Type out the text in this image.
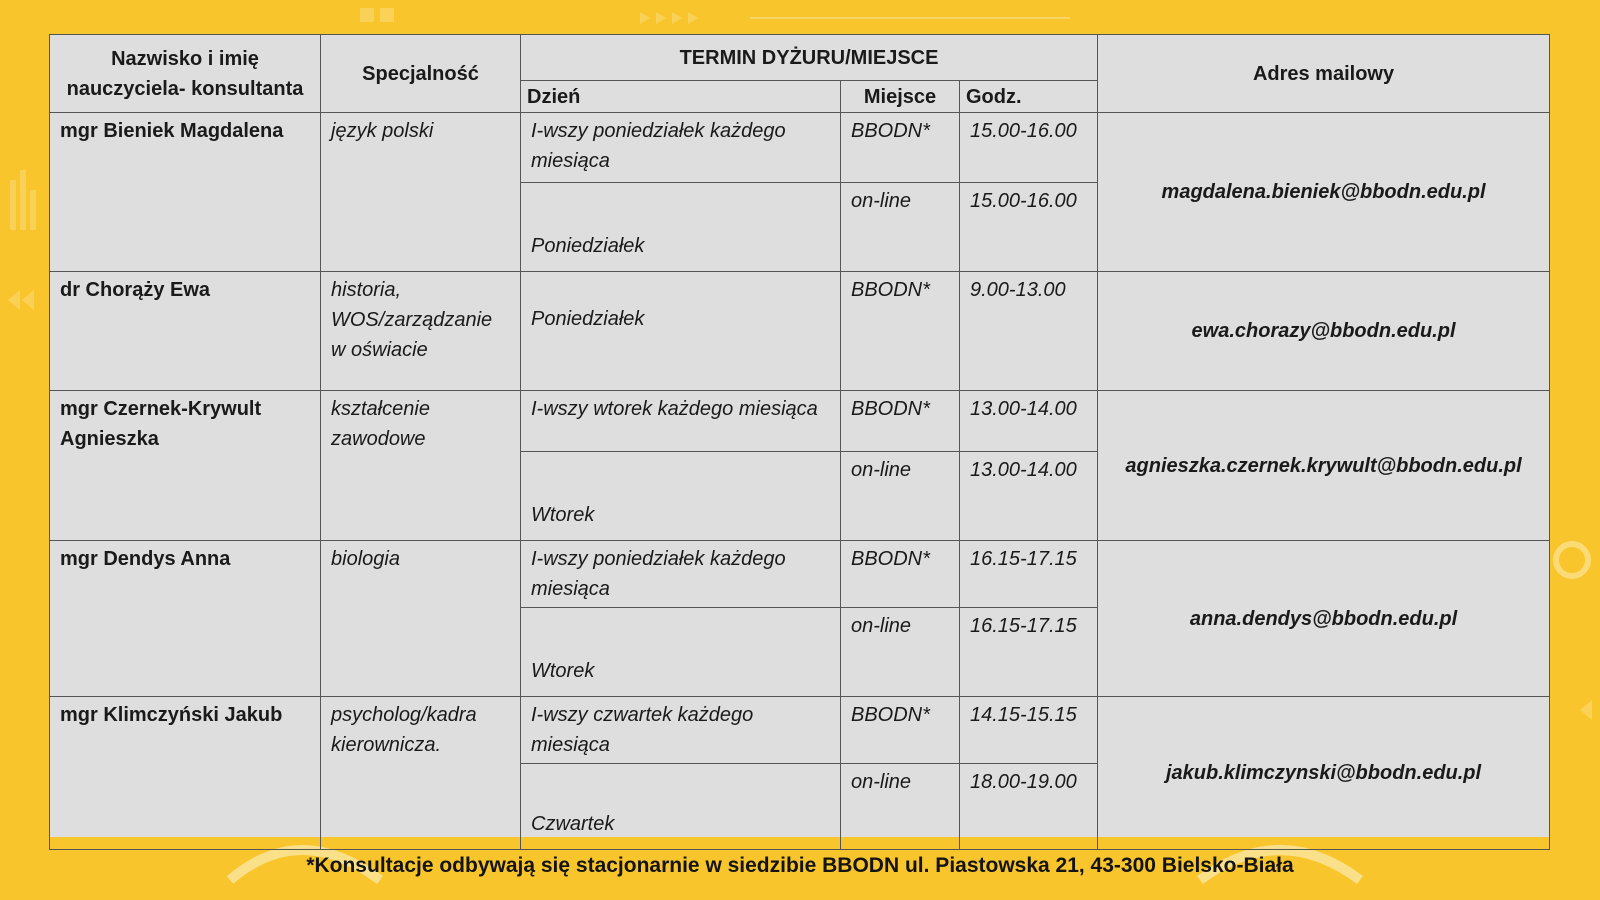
Nazwisko i imię nauczyciela- konsultanta	Specjalność	TERMIN DYŻURU/MIEJSCE			Adres mailowy
		Dzień	Miejsce	Godz.	
mgr Bieniek Magdalena	język polski	I-wszy poniedziałek każdego miesiąca	BBODN*	15.00-16.00	magdalena.bieniek@bbodn.edu.pl
		Poniedziałek	on-line	15.00-16.00	
dr Chorąży Ewa	historia, WOS/zarządzanie w oświacie	Poniedziałek	BBODN*	9.00-13.00	ewa.chorazy@bbodn.edu.pl
mgr Czernek-Krywult Agnieszka	kształcenie zawodowe	I-wszy wtorek każdego miesiąca	BBODN*	13.00-14.00	agnieszka.czernek.krywult@bbodn.edu.pl
		Wtorek	on-line	13.00-14.00	
mgr Dendys Anna	biologia	I-wszy poniedziałek każdego miesiąca	BBODN*	16.15-17.15	anna.dendys@bbodn.edu.pl
		Wtorek	on-line	16.15-17.15	
mgr Klimczyński Jakub	psycholog/kadra kierownicza.	I-wszy czwartek każdego miesiąca	BBODN*	14.15-15.15	jakub.klimczynski@bbodn.edu.pl
		Czwartek	on-line	18.00-19.00	
*Konsultacje odbywają się stacjonarnie w siedzibie BBODN ul. Piastowska 21, 43-300 Bielsko-Biała
